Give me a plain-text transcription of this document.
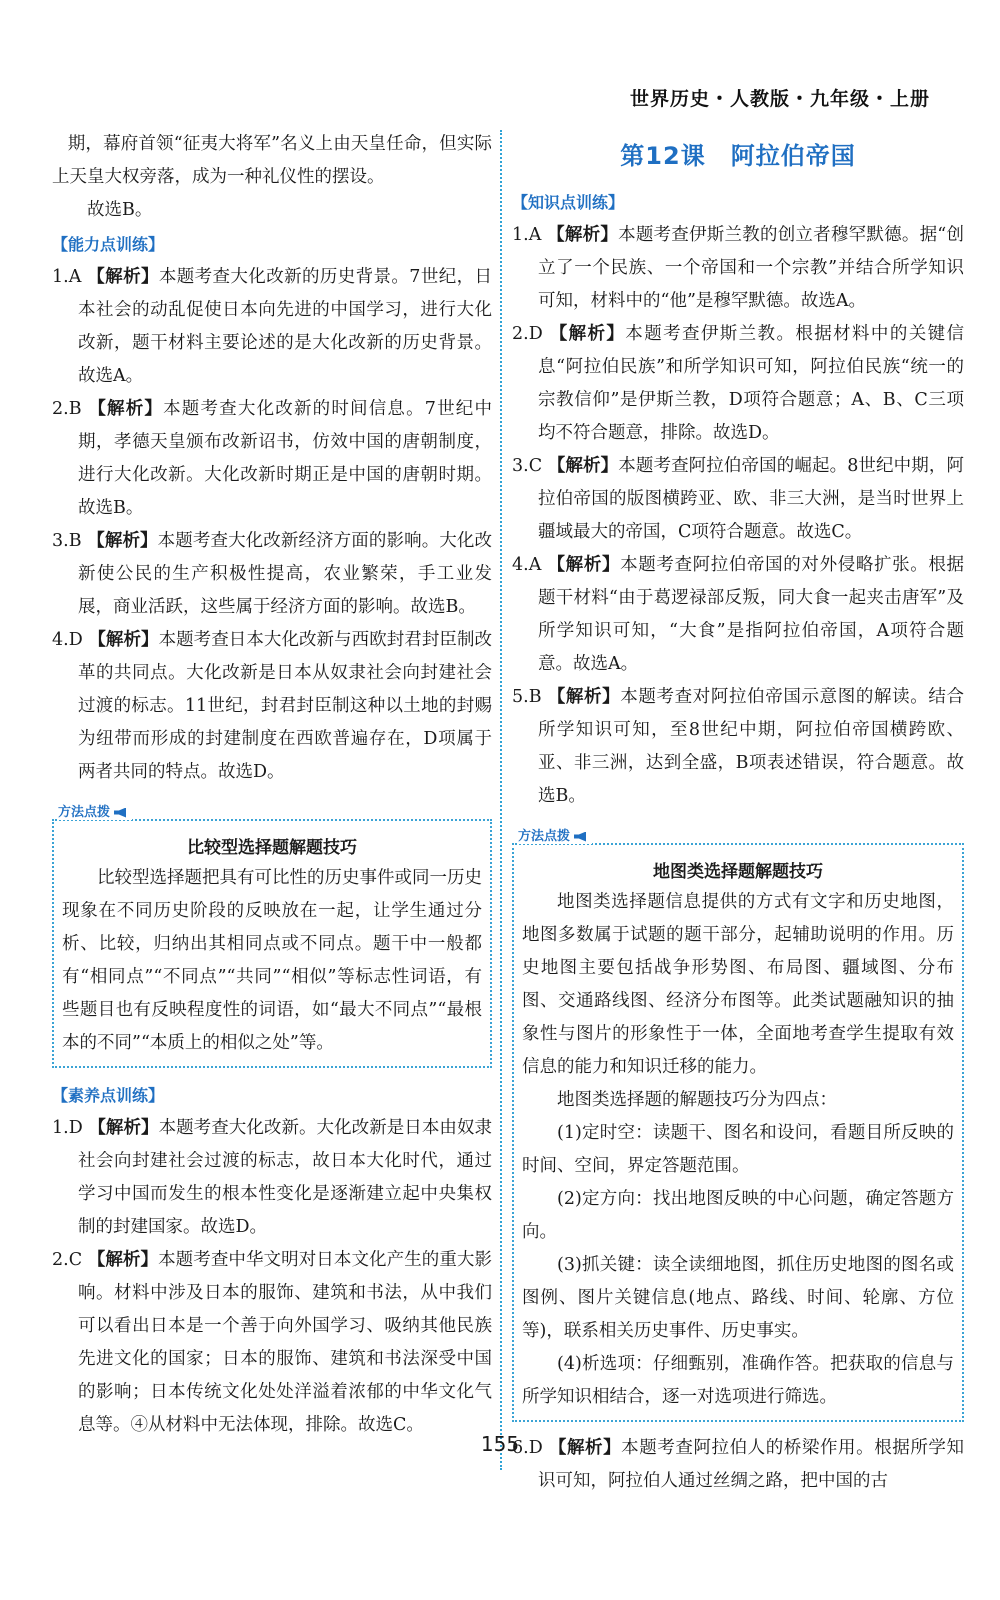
世界历史・人教版・九年级・上册

期，幕府首领“征夷大将军”名义上由天皇任命，但实际上天皇大权旁落，成为一种礼仪性的摆设。

故选B。

【能力点训练】

1.A 【解析】本题考查大化改新的历史背景。7世纪，日本社会的动乱促使日本向先进的中国学习，进行大化改新，题干材料主要论述的是大化改新的历史背景。故选A。

2.B 【解析】本题考查大化改新的时间信息。7世纪中期，孝德天皇颁布改新诏书，仿效中国的唐朝制度，进行大化改新。大化改新时期正是中国的唐朝时期。故选B。

3.B 【解析】本题考查大化改新经济方面的影响。大化改新使公民的生产积极性提高，农业繁荣，手工业发展，商业活跃，这些属于经济方面的影响。故选B。

4.D 【解析】本题考查日本大化改新与西欧封君封臣制改革的共同点。大化改新是日本从奴隶社会向封建社会过渡的标志。11世纪，封君封臣制这种以土地的封赐为纽带而形成的封建制度在西欧普遍存在，D项属于两者共同的特点。故选D。

方法点拨
比较型选择题解题技巧

比较型选择题把具有可比性的历史事件或同一历史现象在不同历史阶段的反映放在一起，让学生通过分析、比较，归纳出其相同点或不同点。题干中一般都有“相同点”“不同点”“共同”“相似”等标志性词语，有些题目也有反映程度性的词语，如“最大不同点”“最根本的不同”“本质上的相似之处”等。

【素养点训练】

1.D 【解析】本题考查大化改新。大化改新是日本由奴隶社会向封建社会过渡的标志，故日本大化时代，通过学习中国而发生的根本性变化是逐渐建立起中央集权制的封建国家。故选D。

2.C 【解析】本题考查中华文明对日本文化产生的重大影响。材料中涉及日本的服饰、建筑和书法，从中我们可以看出日本是一个善于向外国学习、吸纳其他民族先进文化的国家；日本的服饰、建筑和书法深受中国的影响；日本传统文化处处洋溢着浓郁的中华文化气息等。④从材料中无法体现，排除。故选C。

第12课　阿拉伯帝国
【知识点训练】

1.A 【解析】本题考查伊斯兰教的创立者穆罕默德。据“创立了一个民族、一个帝国和一个宗教”并结合所学知识可知，材料中的“他”是穆罕默德。故选A。

2.D 【解析】本题考查伊斯兰教。根据材料中的关键信息“阿拉伯民族”和所学知识可知，阿拉伯民族“统一的宗教信仰”是伊斯兰教，D项符合题意；A、B、C三项均不符合题意，排除。故选D。

3.C 【解析】本题考查阿拉伯帝国的崛起。8世纪中期，阿拉伯帝国的版图横跨亚、欧、非三大洲，是当时世界上疆域最大的帝国，C项符合题意。故选C。

4.A 【解析】本题考查阿拉伯帝国的对外侵略扩张。根据题干材料“由于葛逻禄部反叛，同大食一起夹击唐军”及所学知识可知，“大食”是指阿拉伯帝国，A项符合题意。故选A。

5.B 【解析】本题考查对阿拉伯帝国示意图的解读。结合所学知识可知，至8世纪中期，阿拉伯帝国横跨欧、亚、非三洲，达到全盛，B项表述错误，符合题意。故选B。

方法点拨
地图类选择题解题技巧

地图类选择题信息提供的方式有文字和历史地图，地图多数属于试题的题干部分，起辅助说明的作用。历史地图主要包括战争形势图、布局图、疆域图、分布图、交通路线图、经济分布图等。此类试题融知识的抽象性与图片的形象性于一体，全面地考查学生提取有效信息的能力和知识迁移的能力。

地图类选择题的解题技巧分为四点：

(1)定时空：读题干、图名和设问，看题目所反映的时间、空间，界定答题范围。

(2)定方向：找出地图反映的中心问题，确定答题方向。

(3)抓关键：读全读细地图，抓住历史地图的图名或图例、图片关键信息(地点、路线、时间、轮廓、方位等)，联系相关历史事件、历史事实。

(4)析选项：仔细甄别，准确作答。把获取的信息与所学知识相结合，逐一对选项进行筛选。

6.D 【解析】本题考查阿拉伯人的桥梁作用。根据所学知识可知，阿拉伯人通过丝绸之路，把中国的古

155
